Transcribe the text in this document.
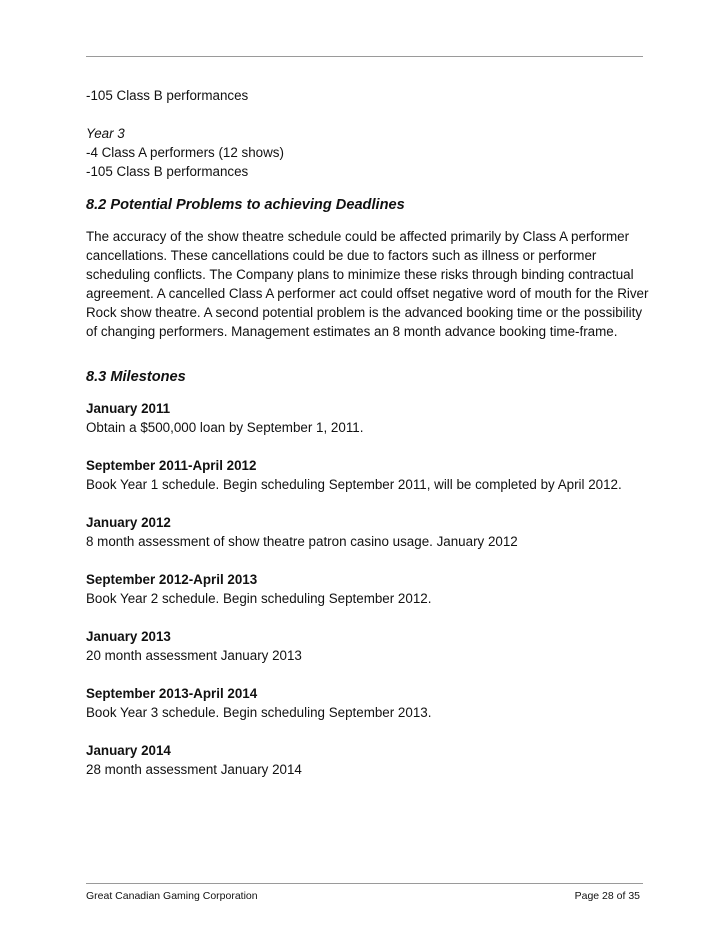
-105 Class B performances
Year 3
-4 Class A performers (12 shows)
-105 Class B performances
8.2 Potential Problems to achieving Deadlines

The accuracy of the show theatre schedule could be affected primarily by Class A performer

cancellations. These cancellations could be due to factors such as illness or performer

scheduling conflicts. The Company plans to minimize these risks through binding contractual

agreement. A cancelled Class A performer act could offset negative word of mouth for the River

Rock show theatre. A second potential problem is the advanced booking time or the possibility

of changing performers. Management estimates an 8 month advance booking time-frame.

8.3 Milestones
January 2011
Obtain a $500,000 loan by September 1, 2011.
September 2011-April 2012
Book Year 1 schedule. Begin scheduling September 2011, will be completed by April 2012.
January 2012
8 month assessment of show theatre patron casino usage. January 2012
September 2012-April 2013
Book Year 2 schedule. Begin scheduling September 2012.
January 2013
20 month assessment January 2013
September 2013-April 2014
Book Year 3 schedule. Begin scheduling September 2013.
January 2014
28 month assessment January 2014
Great Canadian Gaming Corporation	Page 28 of 35
